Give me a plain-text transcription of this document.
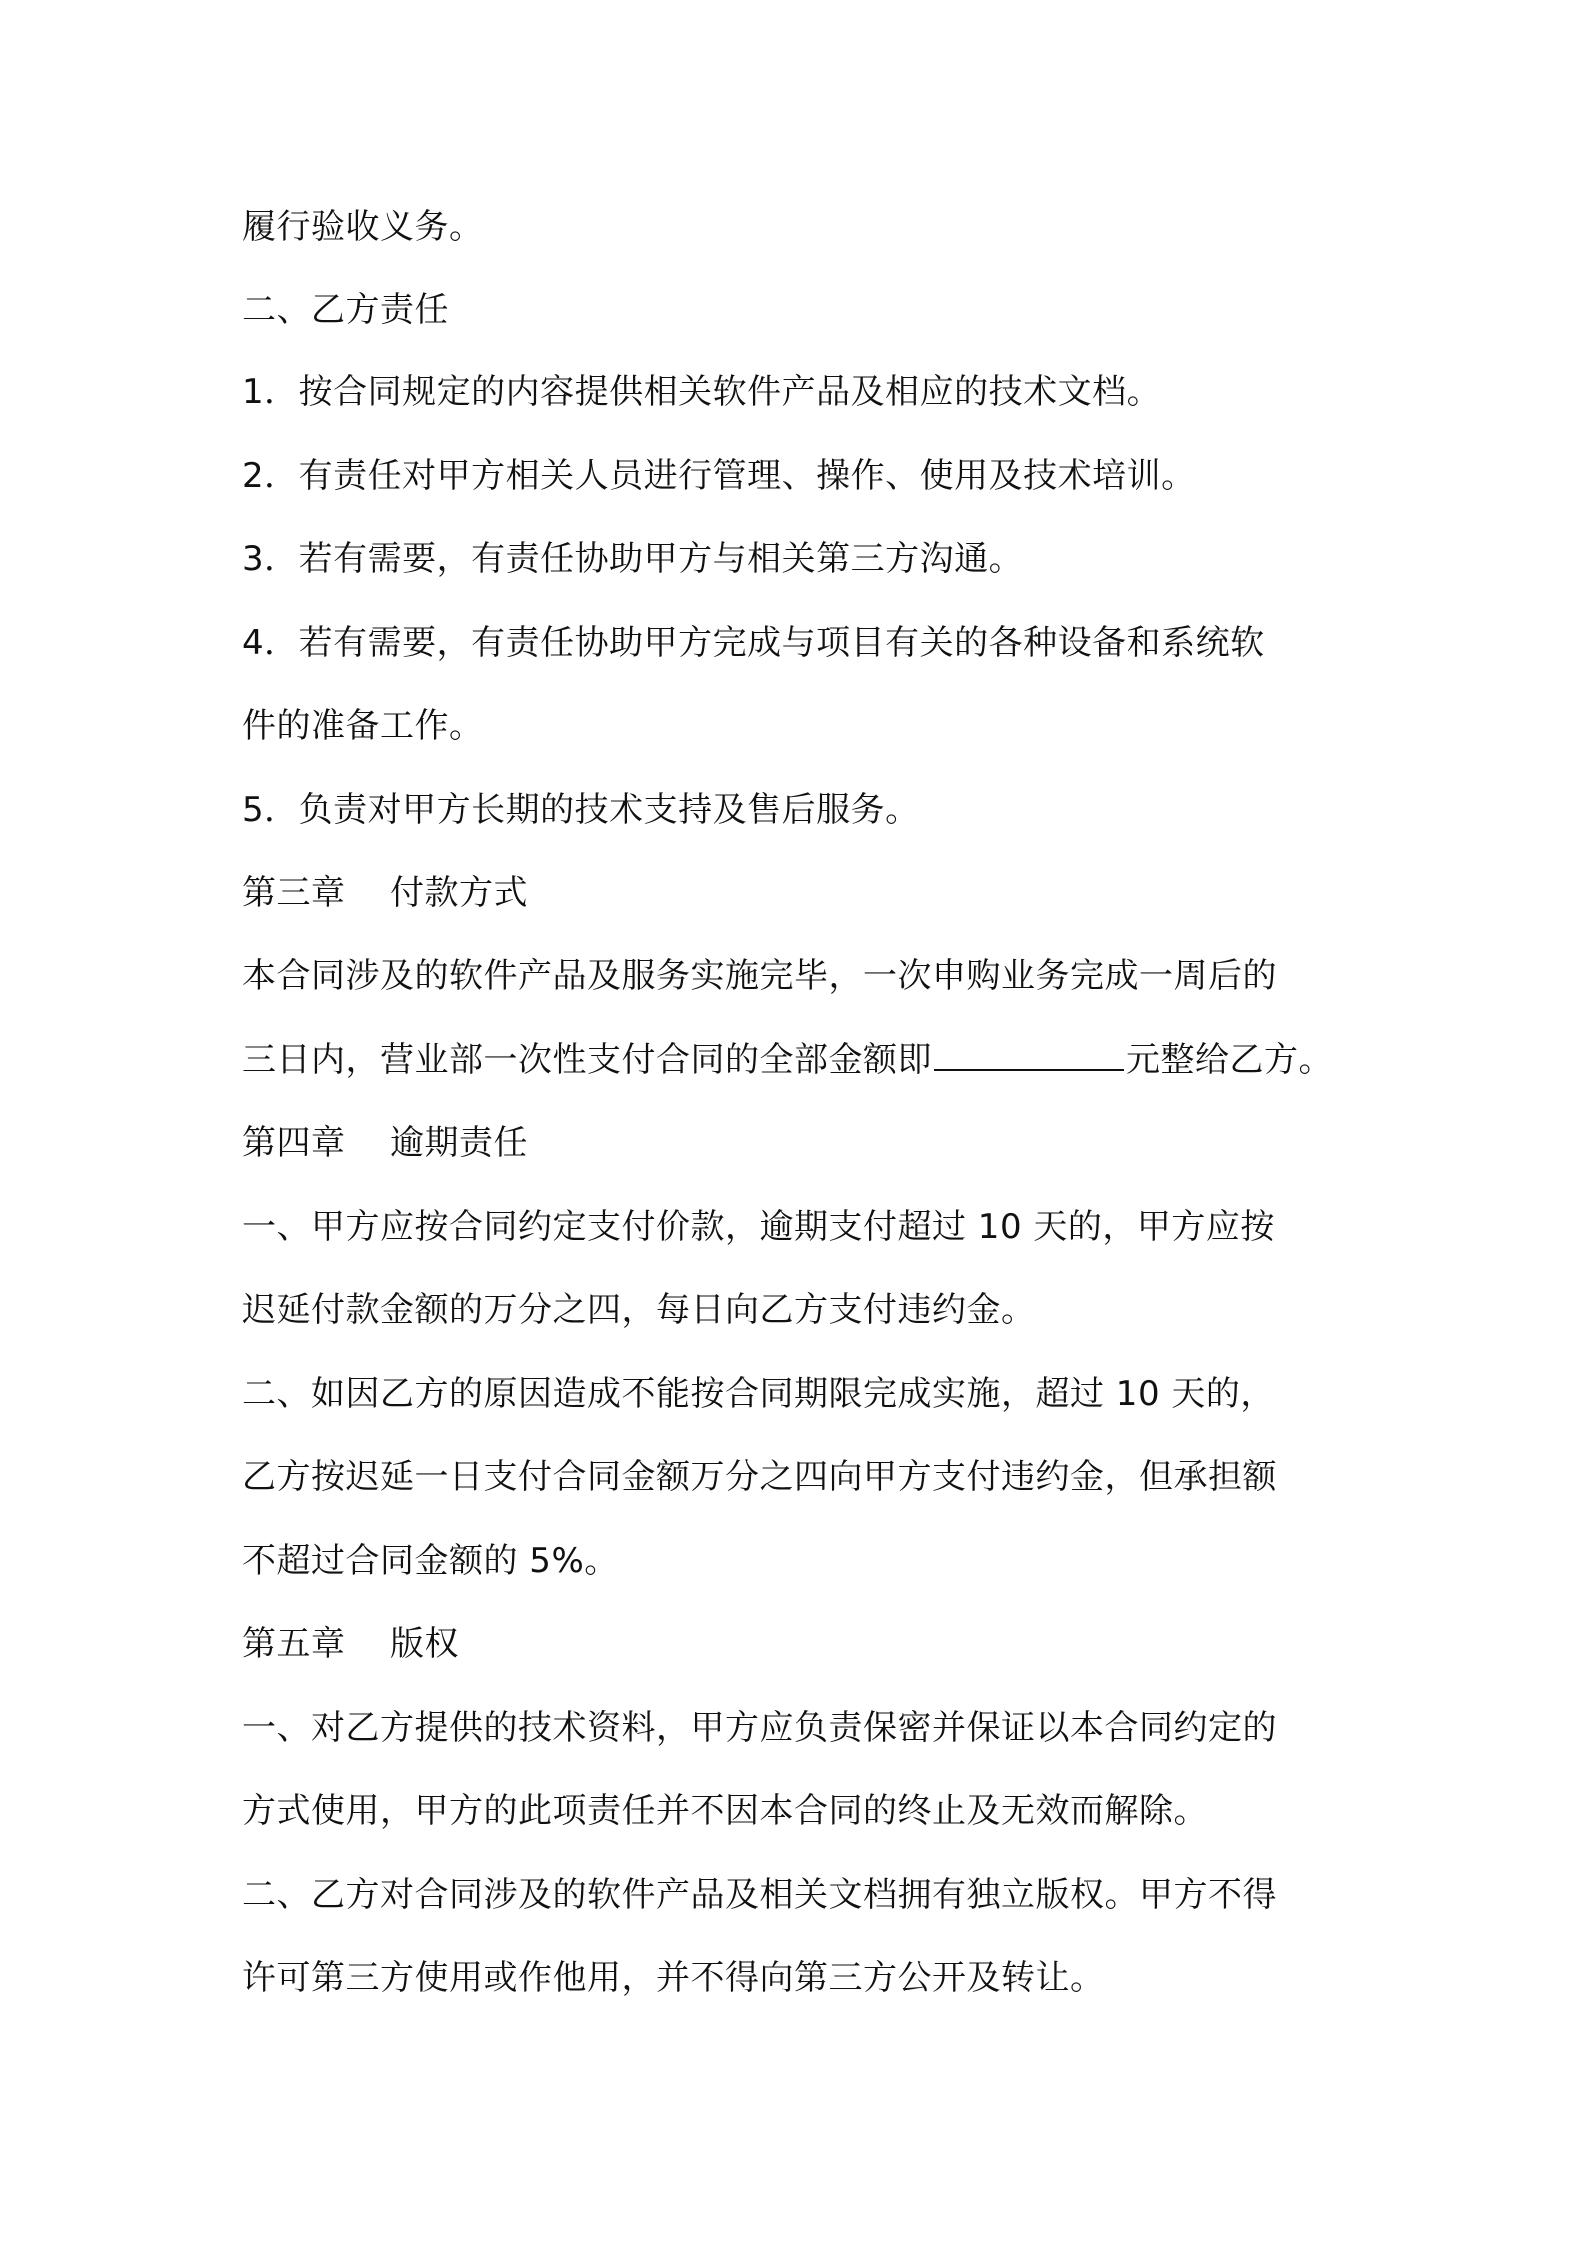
履行验收义务。
二、乙方责任
1．按合同规定的内容提供相关软件产品及相应的技术文档。
2．有责任对甲方相关人员进行管理、操作、使用及技术培训。
3．若有需要，有责任协助甲方与相关第三方沟通。
4．若有需要，有责任协助甲方完成与项目有关的各种设备和系统软
件的准备工作。
5．负责对甲方长期的技术支持及售后服务。
第三章 付款方式
本合同涉及的软件产品及服务实施完毕，一次申购业务完成一周后的
三日内，营业部一次性支付合同的全部金额即	元整给乙方。
第四章 逾期责任
一、甲方应按合同约定支付价款，逾期支付超过 10 天的，甲方应按
迟延付款金额的万分之四，每日向乙方支付违约金。
二、如因乙方的原因造成不能按合同期限完成实施，超过 10 天的，
乙方按迟延一日支付合同金额万分之四向甲方支付违约金，但承担额
不超过合同金额的 5%。
第五章 版权
一、对乙方提供的技术资料，甲方应负责保密并保证以本合同约定的
方式使用，甲方的此项责任并不因本合同的终止及无效而解除。
二、乙方对合同涉及的软件产品及相关文档拥有独立版权。甲方不得
许可第三方使用或作他用，并不得向第三方公开及转让。
